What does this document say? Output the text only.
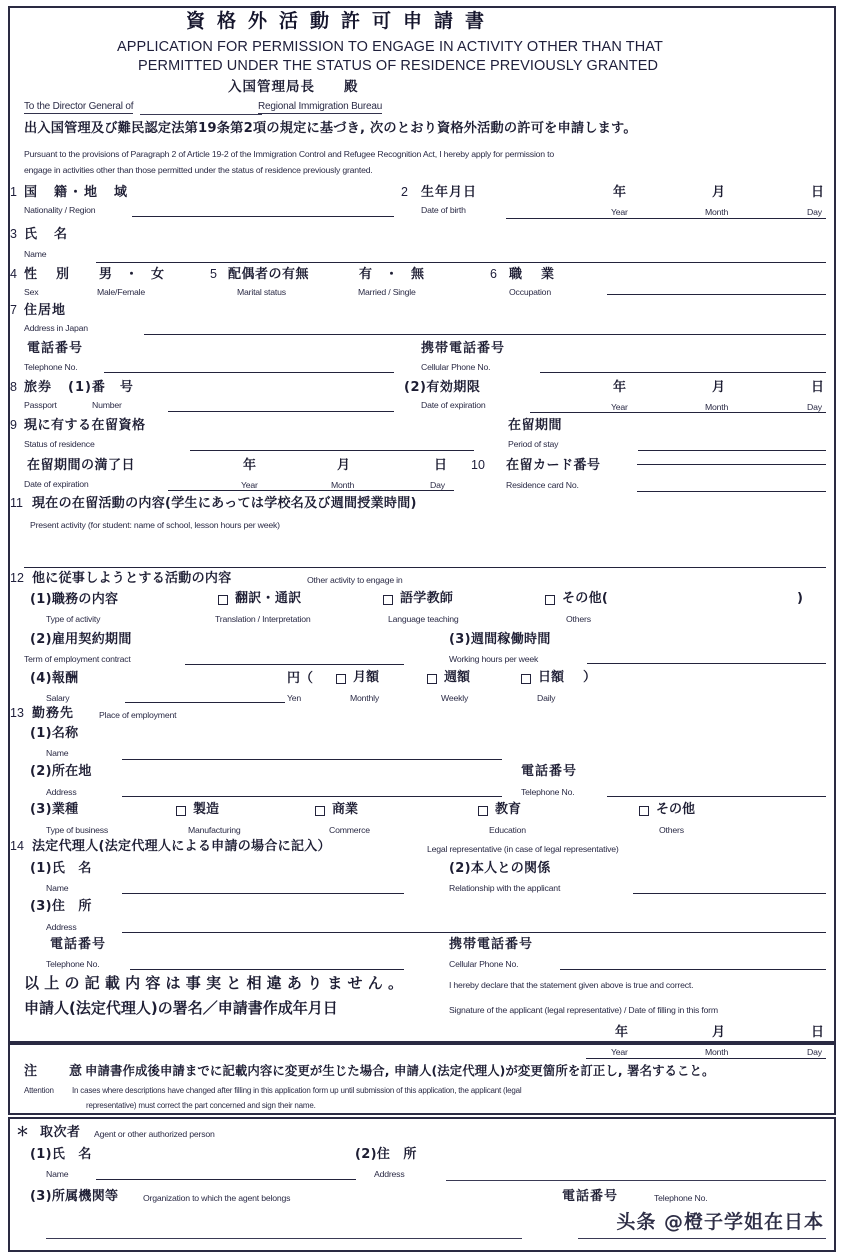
資格外活動許可申請書
APPLICATION FOR PERMISSION TO ENGAGE IN ACTIVITY OTHER THAN THAT
PERMITTED UNDER THE STATUS OF RESIDENCE PREVIOUSLY GRANTED
入国管理局長　　殿
To the Director General of	Regional Immigration Bureau
出入国管理及び難民認定法第19条第2項の規定に基づき, 次のとおり資格外活動の許可を申請します。
Pursuant to the provisions of Paragraph 2 of Article 19-2 of the Immigration Control and Refugee Recognition Act, I hereby apply for permission to
engage in activities other than those permitted under the status of residence previously granted.
1 国　籍・地　域
Nationality / Region
2 生年月日
Date of birth
年	月	日
Year	Month	Day
3 氏　名
Name
4 性　別
Sex
男　・　女
Male/Female
5 配偶者の有無
Marital status
有　・　無
Married / Single
6 職　業
Occupation
7 住居地
Address in Japan
電話番号
Telephone No.
携帯電話番号
Cellular Phone No.
8 旅券
Passport
(1)番　号
Number
(2)有効期限
Date of expiration
年	月	日
Year	Month	Day
9 現に有する在留資格
Status of residence
在留期間
Period of stay
在留期間の満了日
Date of expiration
年	月	日
Year	Month	Day
10 在留カード番号
Residence card No.
11 現在の在留活動の内容(学生にあっては学校名及び週間授業時間)
Present activity (for student: name of school, lesson hours per week)
12 他に従事しようとする活動の内容	Other activity to engage in
(1)職務の内容
Type of activity
翻訳・通訳
Translation / Interpretation
語学教師
Language teaching
その他(	)
Others
(2)雇用契約期間
Term of employment contract
(3)週間稼働時間
Working hours per week
(4)報酬
Salary
円（
Yen
月額
Monthly
週額
Weekly
日額 ）
Daily
13 勤務先	Place of employment
(1)名称
Name
(2)所在地
Address
電話番号
Telephone No.
(3)業種
Type of business
製造
Manufacturing
商業
Commerce
教育
Education
その他
Others
14 法定代理人(法定代理人による申請の場合に記入）	Legal representative (in case of legal representative)
(1)氏　名
Name
(2)本人との関係
Relationship with the applicant
(3)住　所
Address
電話番号
Telephone No.
携帯電話番号
Cellular Phone No.
以 上 の 記 載 内 容 は 事 実 と 相 違 あ り ま せ ん 。	I hereby declare that the statement given above is true and correct.
申請人(法定代理人)の署名／申請書作成年月日	Signature of the applicant (legal representative) / Date of filling in this form
年	月	日
Year	Month	Day
注　　意 申請書作成後申請までに記載内容に変更が生じた場合, 申請人(法定代理人)が変更箇所を訂正し, 署名すること。
Attention In cases where descriptions have changed after filling in this application form up until submission of this application, the applicant (legal
representative) must correct the part concerned and sign their name.
＊ 取次者 Agent or other authorized person
(1)氏　名
Name
(2)住　所
Address
(3)所属機関等	Organization to which the agent belongs	電話番号	Telephone No.
头条 @橙子学姐在日本
